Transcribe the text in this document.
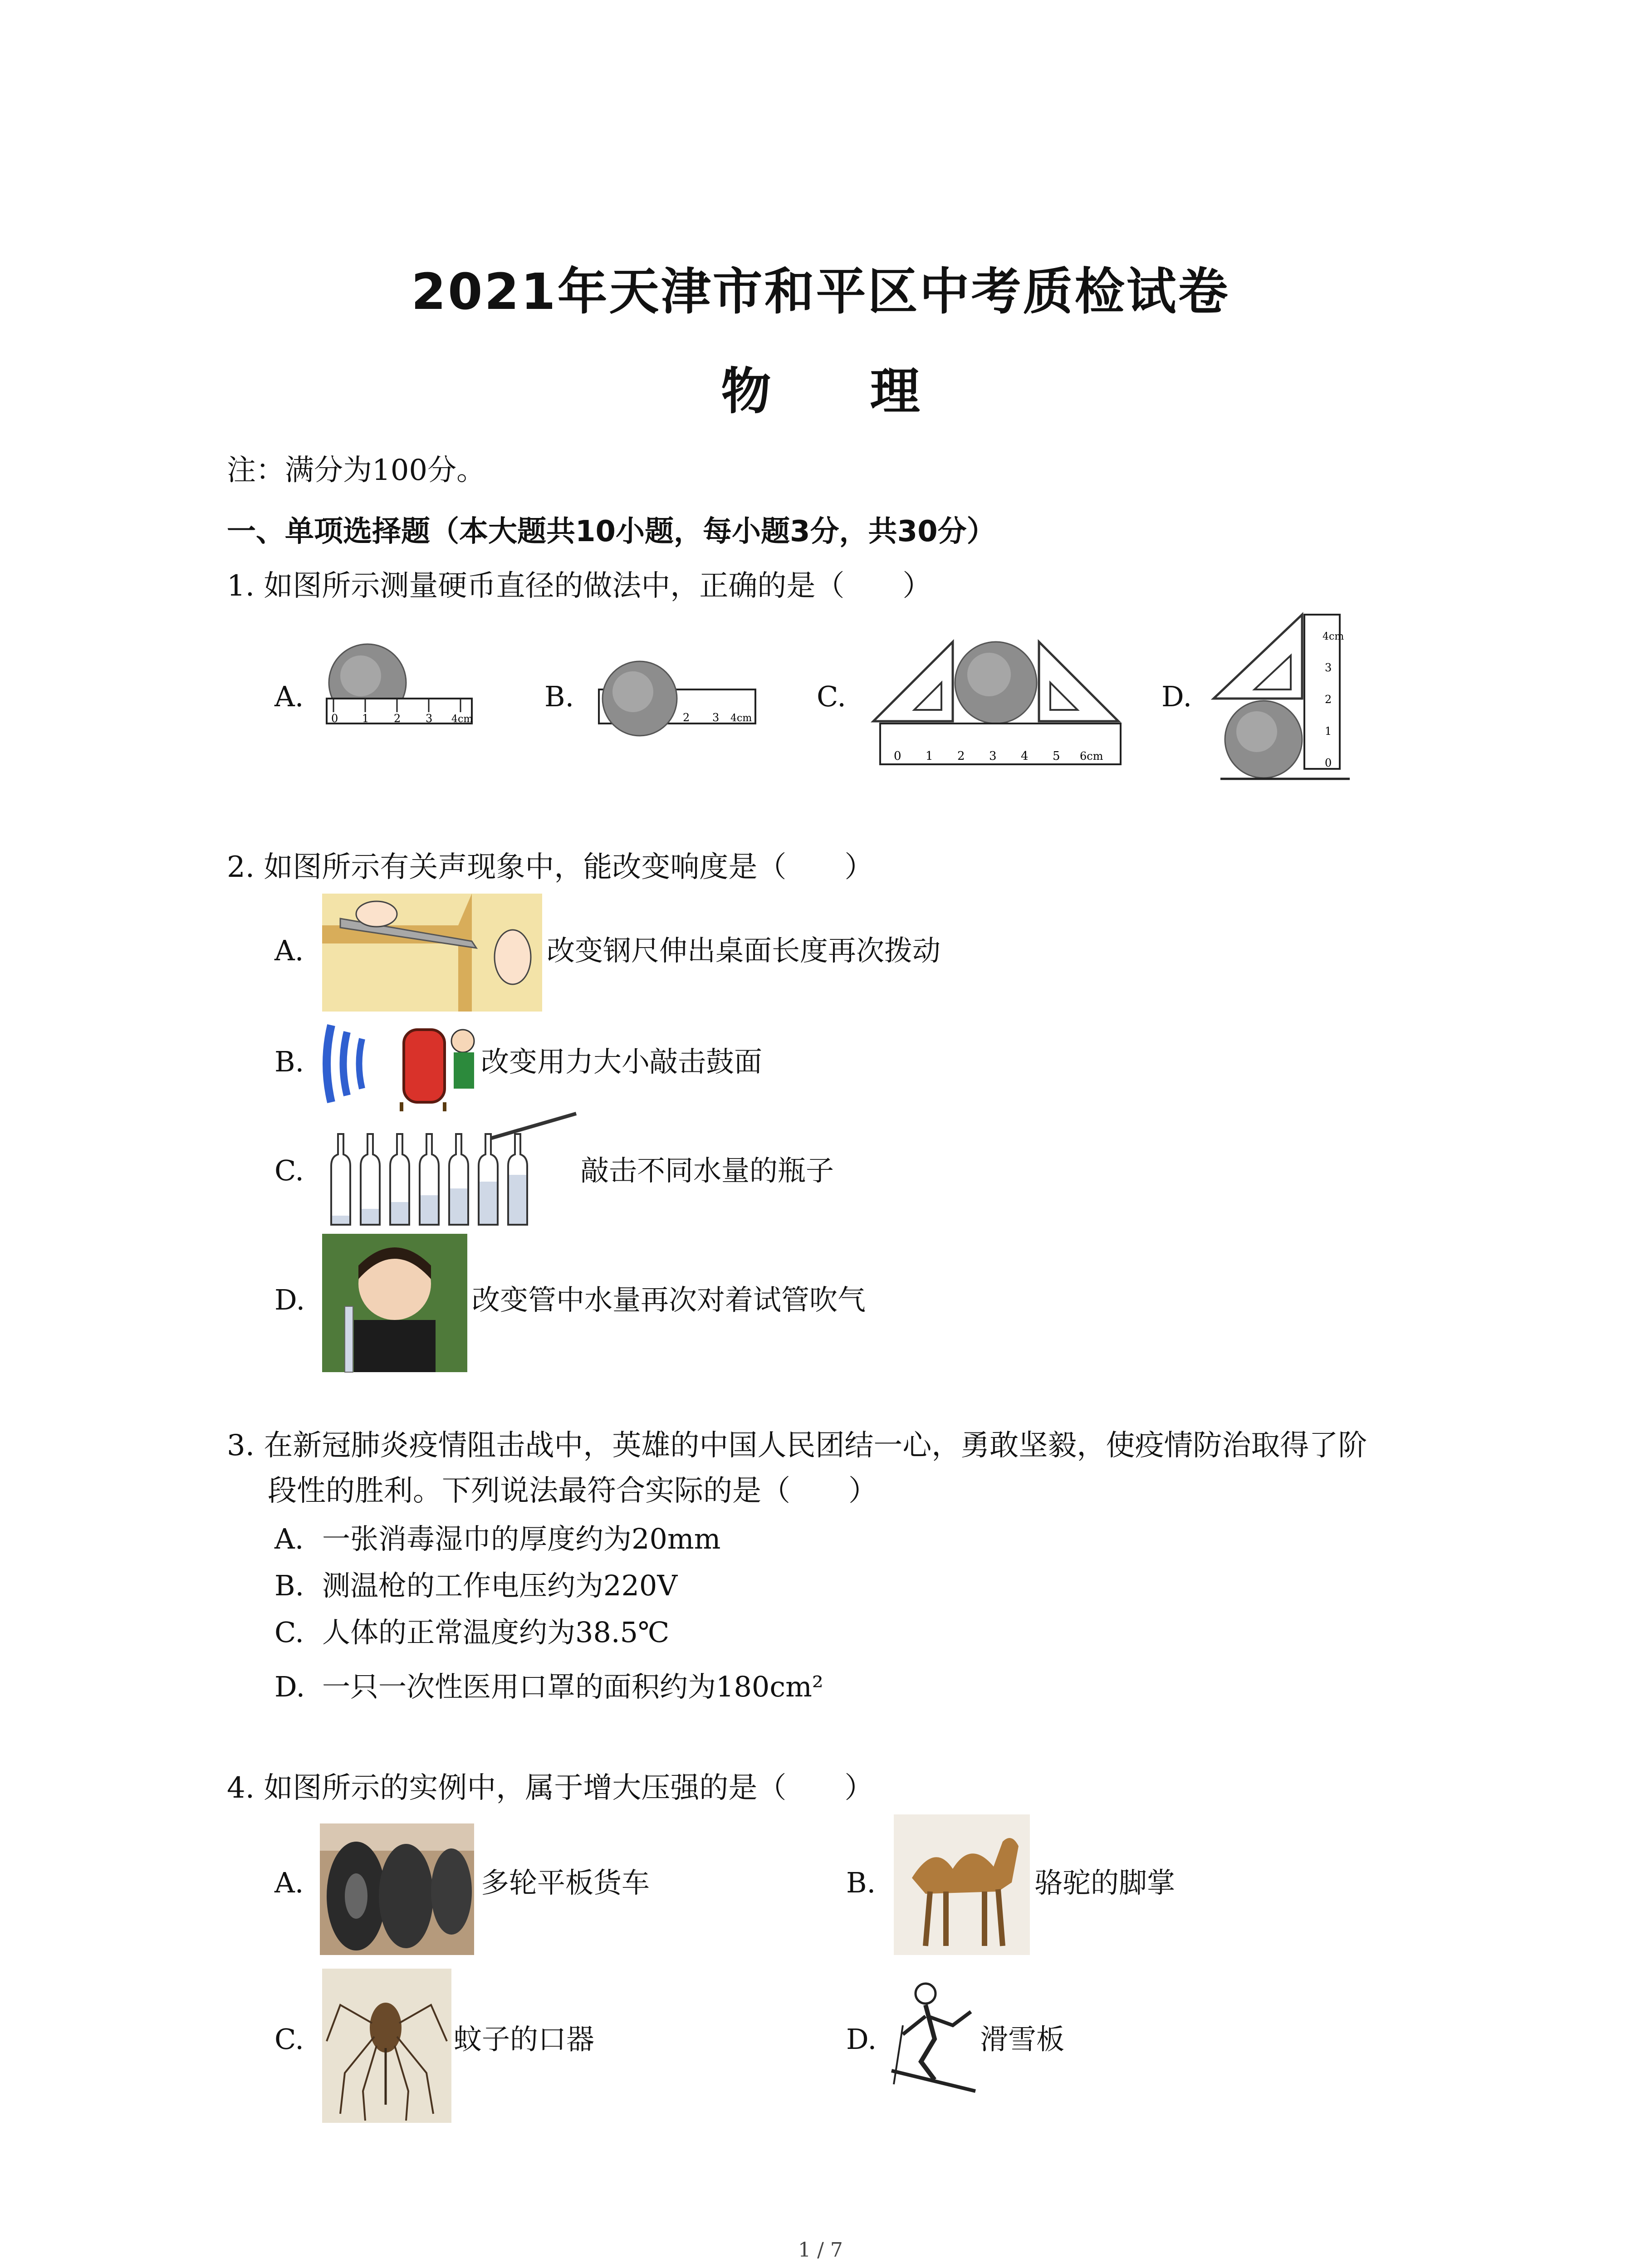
2021年天津市和平区中考质检试卷
物 理
注：满分为100分。
一、单项选择题（本大题共10小题，每小题3分，共30分）
1. 如图所示测量硬币直径的做法中，正确的是（　　）
A.
0 1 2 3 4cm
B.
2 3 4cm
C.
0 1 2 3 4 5 6cm
D.
0
1
2
3
4cm
2. 如图所示有关声现象中，能改变响度是（　　）
A.	改变钢尺伸出桌面长度再次拨动
B.	改变用力大小敲击鼓面
C.	敲击不同水量的瓶子
D.	改变管中水量再次对着试管吹气
3. 在新冠肺炎疫情阻击战中，英雄的中国人民团结一心，勇敢坚毅，使疫情防治取得了阶
段性的胜利。下列说法最符合实际的是（　　）
A. 一张消毒湿巾的厚度约为20mm
B. 测温枪的工作电压约为220V
C. 人体的正常温度约为38.5℃
D. 一只一次性医用口罩的面积约为180cm²
4. 如图所示的实例中，属于增大压强的是（　　）
A.	多轮平板货车	B.	骆驼的脚掌
C.	蚊子的口器	D.	滑雪板
1 / 7
